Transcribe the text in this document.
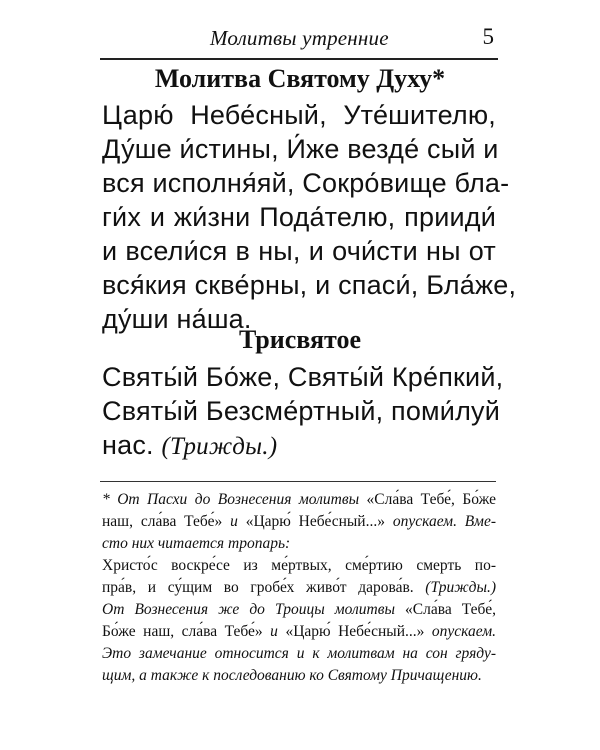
Молитвы утренние	5
Молитва Святому Духу*
Царю́ Небе́сный, Уте́шителю,
Ду́ше и́стины, И́же везде́ сый и
вся исполня́яй, Сокро́вище бла-
ги́х и жи́зни Пода́телю, прииди́
и всели́ся в ны, и очи́сти ны от
вся́кия скве́рны, и спаси́, Бла́же,
ду́ши на́ша.
Трисвятое
Святы́й Бо́же, Святы́й Кре́пкий,
Святы́й Безсме́ртный, поми́луй
нас. (Трижды.)
* От Пасхи до Вознесения молитвы «Сла́ва Тебе́, Бо́же
наш, сла́ва Тебе́» и «Царю́ Небе́сный...» опускаем. Вме-
сто них читается тропарь:
Христо́с воскре́се из ме́ртвых, сме́ртию смерть по-
пра́в, и су́щим во гробе́х живо́т дарова́в. (Трижды.)
От Вознесения же до Троицы молитвы «Сла́ва Тебе́,
Бо́же наш, сла́ва Тебе́» и «Царю́ Небе́сный...» опускаем.
Это замечание относится и к молитвам на сон гряду-
щим, а также к последованию ко Святому Причащению.
